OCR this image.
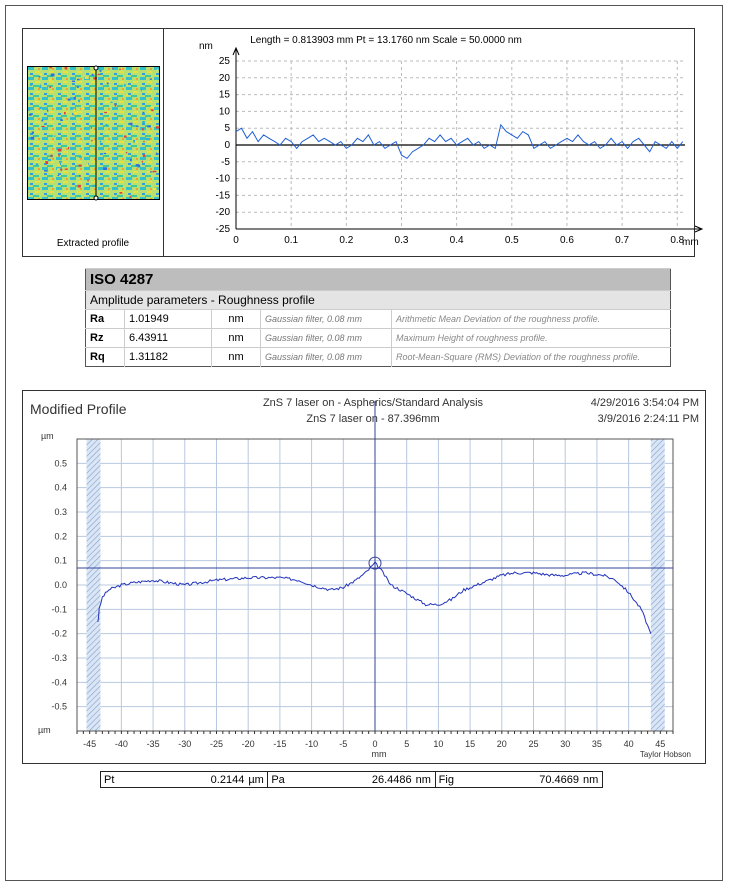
Extracted profile
Length = 0.813903 mm Pt = 13.1760 nm Scale = 50.0000 nm
nm
mm
25
20
15
10
5
0
-5
-10
-15
-20
-25
0	0.1	0.2	0.3	0.4	0.5	0.6	0.7	0.8
ISO 4287				
Amplitude parameters - Roughness profile				
Ra	1.01949	nm	Gaussian filter, 0.08 mm	Arithmetic Mean Deviation of the roughness profile.
Rz	6.43911	nm	Gaussian filter, 0.08 mm	Maximum Height of roughness profile.
Rq	1.31182	nm	Gaussian filter, 0.08 mm	Root-Mean-Square (RMS) Deviation of the roughness profile.
Modified Profile	ZnS 7 laser on - Aspherics/Standard Analysis
ZnS 7 laser on - 87.396mm
4/29/2016 3:54:04 PM
3/9/2016 2:24:11 PM
µm
µm
mm	Taylor Hobson
0.5
0.4
0.3
0.2
0.1
0.0
-0.1
-0.2
-0.3
-0.4
-0.5
-45 -40 -35 -30 -25 -20 -15 -10 -5	0	5	10 15 20 25 30 35 40 45
Pt	0.2144 µm Pa	26.4486 nm Fig	70.4669 nm
